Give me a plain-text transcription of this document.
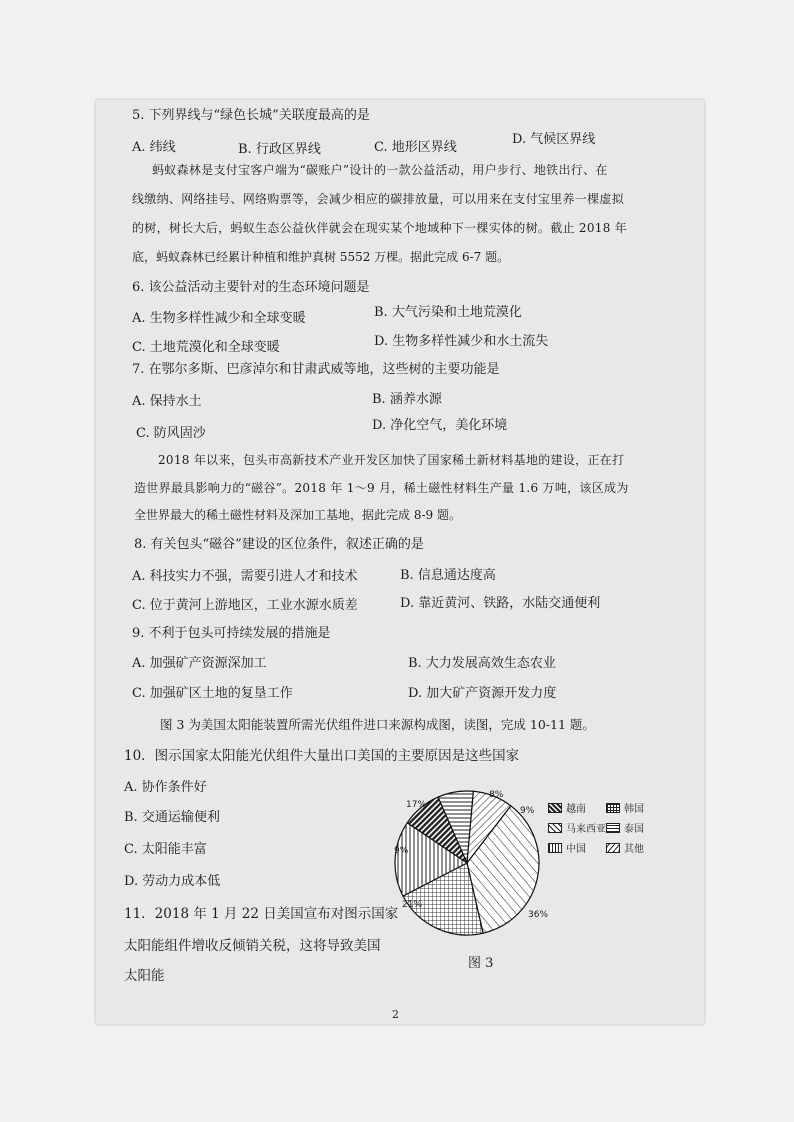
5. 下列界线与“绿色长城”关联度最高的是
A. 纬线	B. 行政区界线	C. 地形区界线
D. 气候区界线
蚂蚁森林是支付宝客户端为“碳账户”设计的一款公益活动，用户步行、地铁出行、在
线缴纳、网络挂号、网络购票等，会减少相应的碳排放量，可以用来在支付宝里养一棵虚拟
的树，树长大后，蚂蚁生态公益伙伴就会在现实某个地域种下一棵实体的树。截止 2018 年
底，蚂蚁森林已经累计种植和维护真树 5552 万棵。据此完成 6-7 题。
6. 该公益活动主要针对的生态环境问题是
A. 生物多样性减少和全球变暖	B. 大气污染和土地荒漠化
C. 土地荒漠化和全球变暖	D. 生物多样性减少和水土流失
7. 在鄂尔多斯、巴彦淖尔和甘肃武威等地，这些树的主要功能是
A. 保持水土	B. 涵养水源
C. 防风固沙
D. 净化空气，美化环境
2018 年以来，包头市高新技术产业开发区加快了国家稀土新材料基地的建设，正在打
造世界最具影响力的“磁谷”。2018 年 1～9 月，稀土磁性材料生产量 1.6 万吨，该区成为
全世界最大的稀土磁性材料及深加工基地，据此完成 8-9 题。
8. 有关包头“磁谷”建设的区位条件，叙述正确的是
A. 科技实力不强，需要引进人才和技术	B. 信息通达度高
C. 位于黄河上游地区，工业水源水质差	D. 靠近黄河、铁路，水陆交通便利
9. 不利于包头可持续发展的措施是
A. 加强矿产资源深加工	B. 大力发展高效生态农业
C. 加强矿区土地的复垦工作	D. 加大矿产资源开发力度
图 3 为美国太阳能装置所需光伏组件进口来源构成图，读图，完成 10-11 题。
10．图示国家太阳能光伏组件大量出口美国的主要原因是这些国家
A. 协作条件好
B. 交通运输便利
C. 太阳能丰富
D. 劳动力成本低
11．2018 年 1 月 22 日美国宣布对图示国家
太阳能组件增收反倾销关税，这将导致美国
太阳能
17%
8%
9%
9%
21%
36%
越南	韩国
马来西亚 泰国
中国	其他
图 3
2
